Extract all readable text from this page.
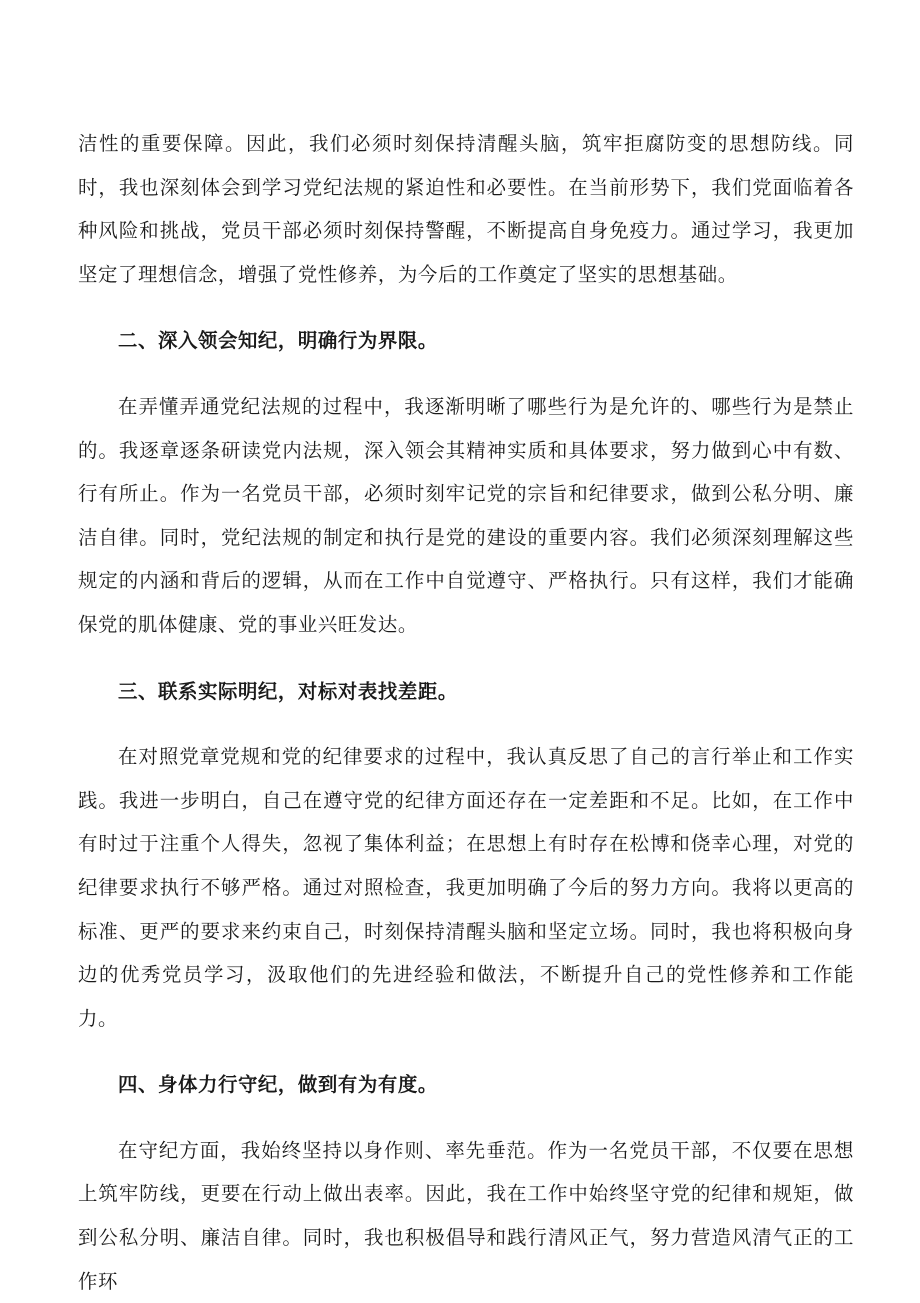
洁性的重要保障。因此，我们必须时刻保持清醒头脑，筑牢拒腐防变的思想防线。同时，我也深刻体会到学习党纪法规的紧迫性和必要性。在当前形势下，我们党面临着各种风险和挑战，党员干部必须时刻保持警醒，不断提高自身免疫力。通过学习，我更加坚定了理想信念，增强了党性修养，为今后的工作奠定了坚实的思想基础。

二、深入领会知纪，明确行为界限。

在弄懂弄通党纪法规的过程中，我逐渐明晰了哪些行为是允许的、哪些行为是禁止的。我逐章逐条研读党内法规，深入领会其精神实质和具体要求，努力做到心中有数、行有所止。作为一名党员干部，必须时刻牢记党的宗旨和纪律要求，做到公私分明、廉洁自律。同时，党纪法规的制定和执行是党的建设的重要内容。我们必须深刻理解这些规定的内涵和背后的逻辑，从而在工作中自觉遵守、严格执行。只有这样，我们才能确保党的肌体健康、党的事业兴旺发达。

三、联系实际明纪，对标对表找差距。

在对照党章党规和党的纪律要求的过程中，我认真反思了自己的言行举止和工作实践。我进一步明白，自己在遵守党的纪律方面还存在一定差距和不足。比如，在工作中有时过于注重个人得失，忽视了集体利益；在思想上有时存在松博和侥幸心理，对党的纪律要求执行不够严格。通过对照检查，我更加明确了今后的努力方向。我将以更高的标准、更严的要求来约束自己，时刻保持清醒头脑和坚定立场。同时，我也将积极向身边的优秀党员学习，汲取他们的先进经验和做法，不断提升自己的党性修养和工作能力。

四、身体力行守纪，做到有为有度。

在守纪方面，我始终坚持以身作则、率先垂范。作为一名党员干部，不仅要在思想上筑牢防线，更要在行动上做出表率。因此，我在工作中始终坚守党的纪律和规矩，做到公私分明、廉洁自律。同时，我也积极倡导和践行清风正气，努力营造风清气正的工作环
